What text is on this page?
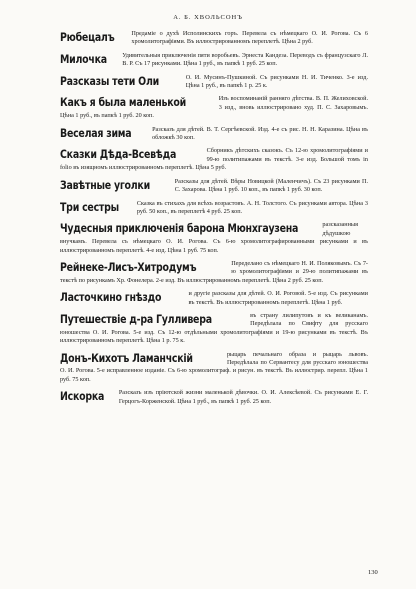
А. Б. ХВОЛЬСОНЪ

Рюбецалъ	Предаміе о духѣ Исполинскихъ горъ. Перевела съ нѣмецкаго О. И. Рогова. Съ 6 хромолитографіями. Въ иллюстрированномъ переплетѣ. Цѣна 2 руб.

Милочка Удивительныя приключенія пяти воробьевъ. Эрнеста Кандеза. Переводъ съ французскаго Л. В. Р. Съ 17 рисунками. Цѣна 1 руб., въ папкѣ 1 руб. 25 коп.

Разсказы тети Оли	О. И. Мусинъ-Пушкиной. Съ рисунками Н. И. Тиченко. 3-е изд. Цѣна 1 руб., въ папкѣ 1 р. 25 к.

Какъ я была маленькой	Изъ воспоминаній ранняго дѣтства. В. П. Желиховской. 3 изд., вновь иллюстрировано худ. П. С. Захаровымъ. Цѣна 1 руб., въ папкѣ 1 руб. 20 коп.

Веселая зима	Разсказъ для дѣтей. В. Т. Сергѣевской. Изд. 4-е съ рис. Н. Н. Каразина. Цѣна въ обложкѣ 30 коп.

Сказки Дѣда-Всевѣда	Сборникъ дѣтскихъ сказокъ. Съ 12-ю хромолитографіями и 99-ю политипажами въ текстѣ. 3-е изд. Большой томъ in folio въ изящномъ иллюстрированномъ переплетѣ. Цѣна 5 руб.

Завѣтные уголки	Разсказы для дѣтей. Вѣры Новицкой (Маленчичъ). Съ 23 рисунками П. С. Захарова. Цѣна 1 руб. 10 коп., въ папкѣ 1 руб. 30 коп.

Три сестры	Сказка въ стихахъ для всѣхъ возрастовъ. А. Н. Толстого. Съ рисунками автора. Цѣна 3 руб. 50 коп., въ переплетѣ 4 руб. 25 коп.

Чудесныя приключенія барона Мюнхгаузена	разсказанныя дѣдушкою внучкамъ. Перевела съ нѣмецкаго О. И. Рогова. Съ 6-ю хромолитографированными рисунками и въ иллюстрированномъ переплетѣ. 4-е изд. Цѣна 1 руб. 75 коп.

Рейнеке-Лисъ-Хитродумъ	Переделано съ нѣмецкаго Н. И. Поляковымъ. Съ 7-ю хромолитографіями и 29-ю политипажами въ текстѣ по рисункамъ Хр. Фонелера. 2-е изд. Въ иллюстрированномъ переплетѣ. Цѣна 2 руб. 25 коп.

Ласточкино гнѣздо	и другіе разсказы для дѣтей. О. И. Роговой. 5-е изд. Съ рисунками въ текстѣ. Въ иллюстрированномъ переплетѣ. Цѣна 1 руб.

Путешествіе д-ра Гулливера	въ страну лилипутовъ и къ великанамъ. Передѣлала по Свифту для русскаго юношества О. И. Рогова. 5-е изд. Съ 12-ю отдѣльными хромолитографіями и 19-ю рисунками въ текстѣ. Въ иллюстрированномъ переплетѣ. Цѣна 1 р. 75 к.

Донъ-Кихотъ Ламанчскій	рыцарь печальнаго образа и рыцарь львовъ. Передѣлала по Сервантесу для русскаго юношества О. И. Рогова. 5-е исправленное изданіе. Съ 6-ю хромолитограф. и рисун. въ текстѣ. Въ иллюстрир. перепл. Цѣна 1 руб. 75 коп.

Искорка Разсказъ изъ пріютской жизни маленькой дѣвочки. О. И. Алексѣевой. Съ рисунками Е. Г. Герцогъ-Корженской. Цѣна 1 руб., въ папкѣ 1 руб. 25 коп.

130
